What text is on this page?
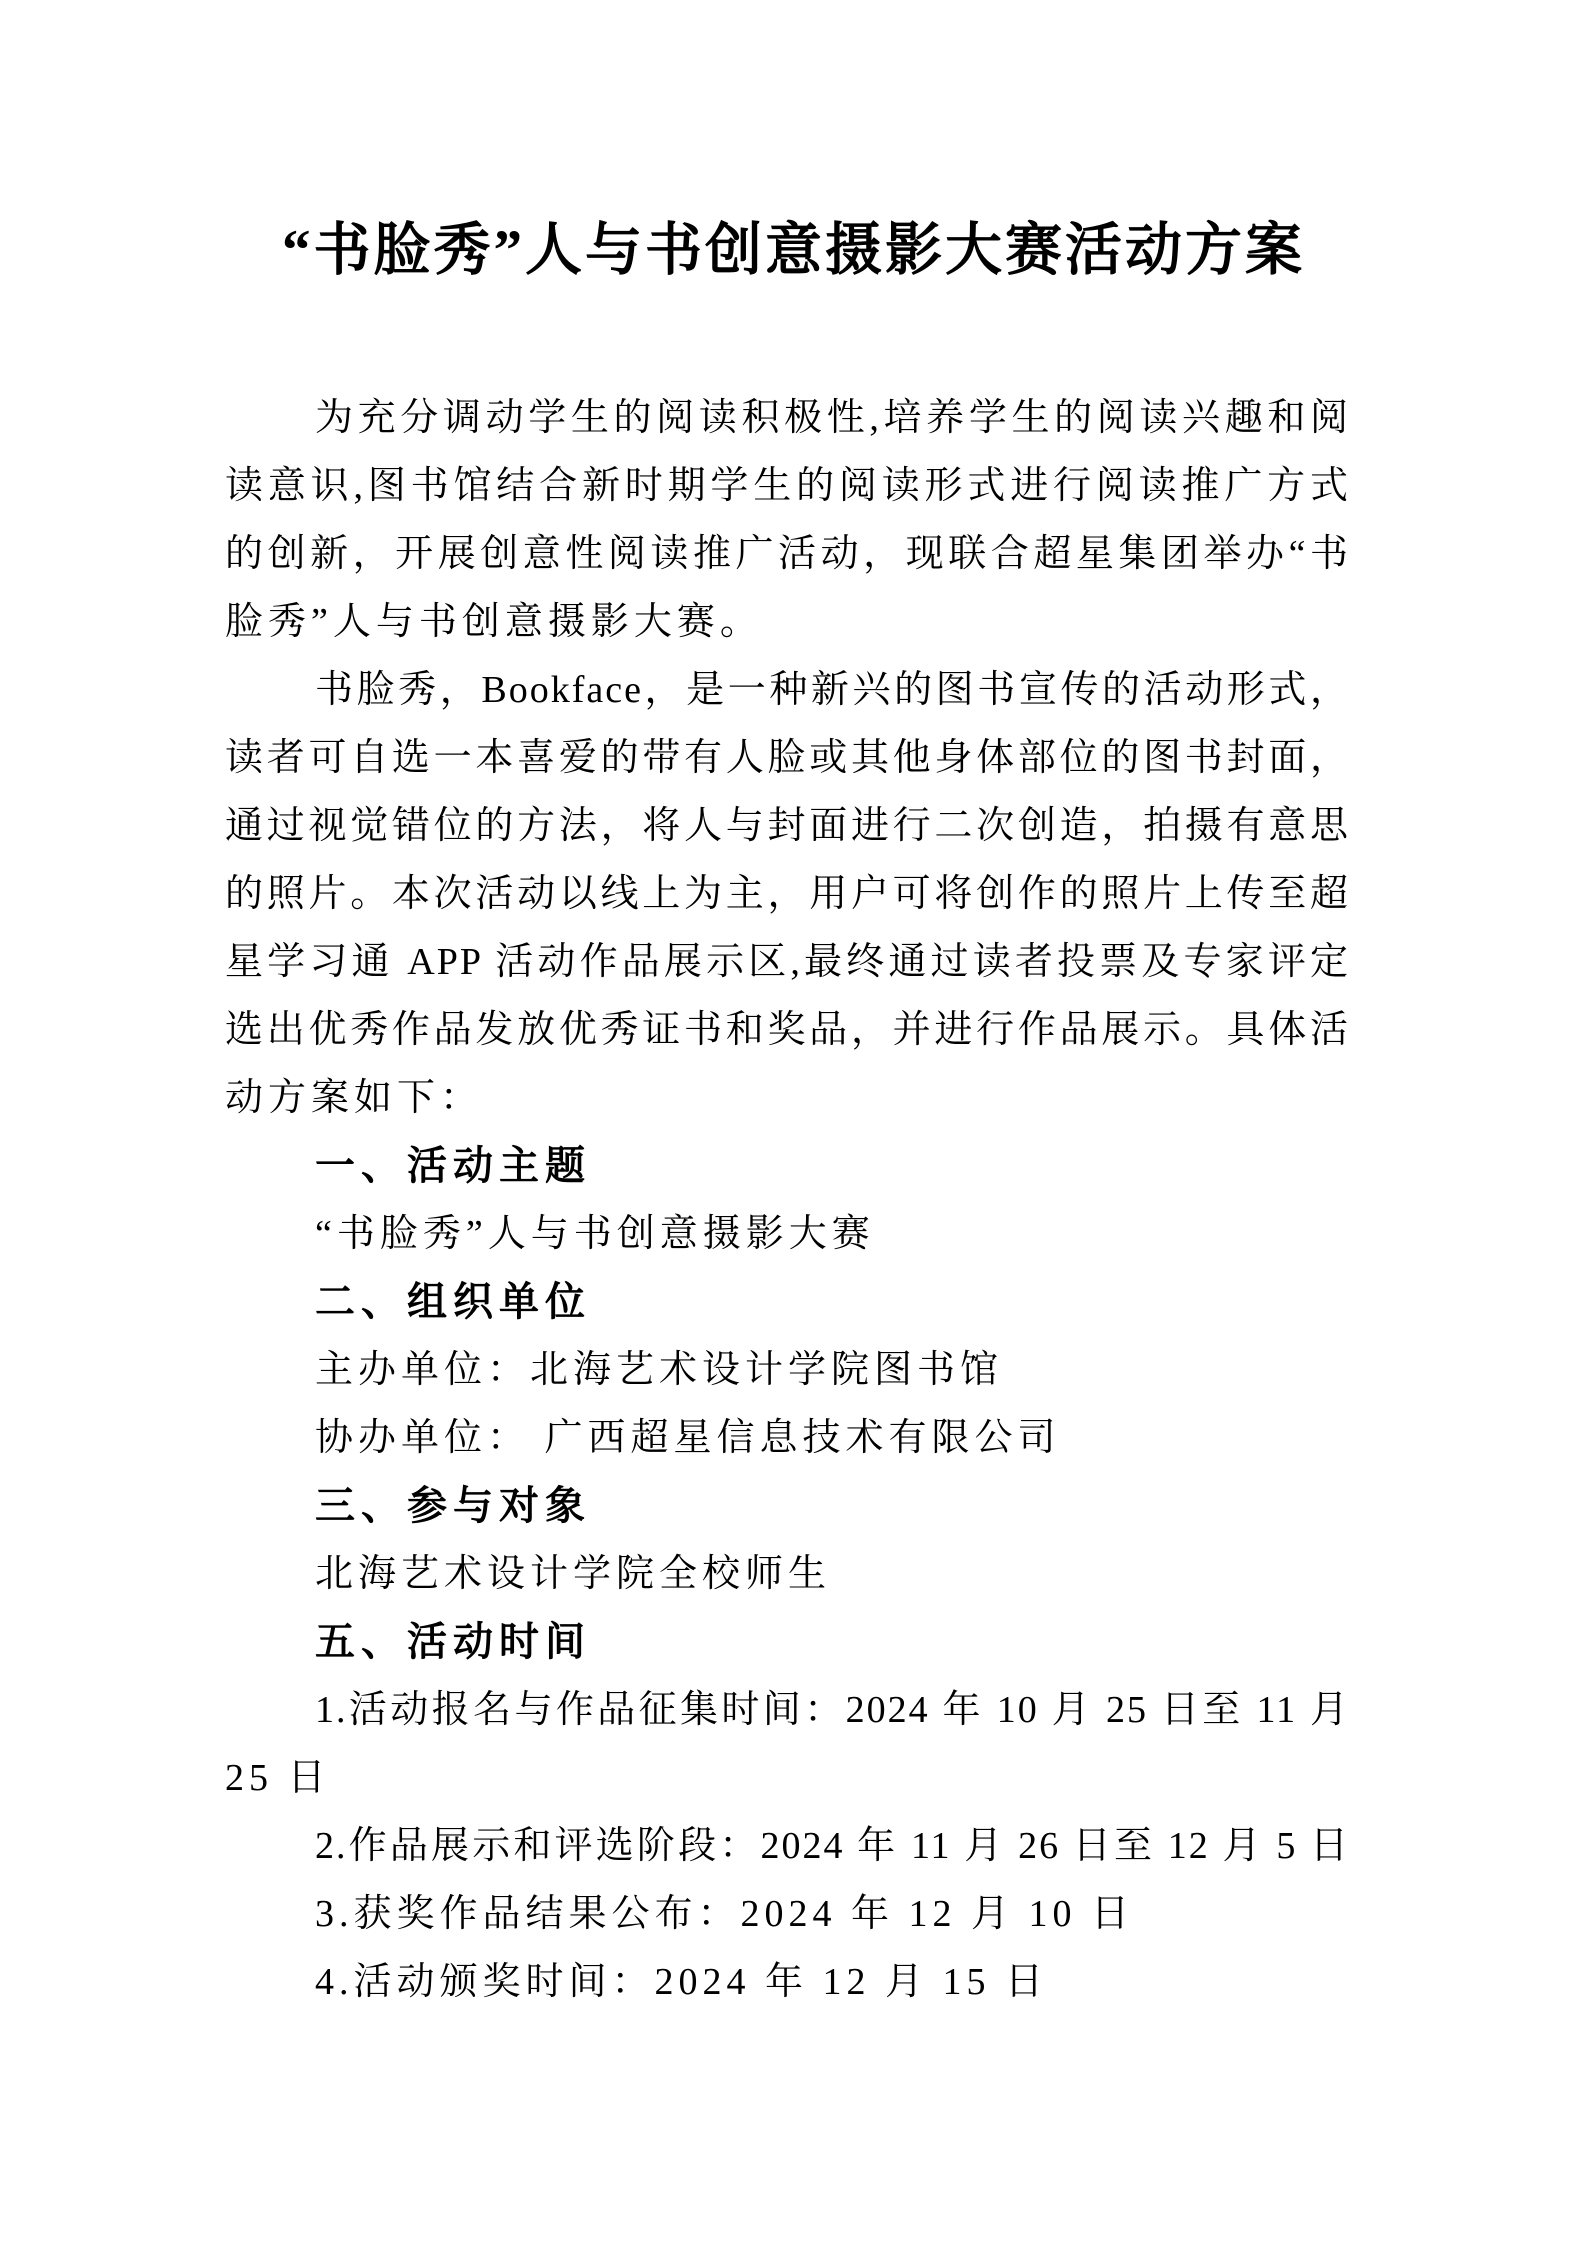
“书脸秀”人与书创意摄影大赛活动方案
为充分调动学生的阅读积极性,培养学生的阅读兴趣和阅
读意识,图书馆结合新时期学生的阅读形式进行阅读推广方式
的创新，开展创意性阅读推广活动，现联合超星集团举办“书
脸秀”人与书创意摄影大赛。
书脸秀，Bookface，是一种新兴的图书宣传的活动形式，
读者可自选一本喜爱的带有人脸或其他身体部位的图书封面，
通过视觉错位的方法，将人与封面进行二次创造，拍摄有意思
的照片。本次活动以线上为主，用户可将创作的照片上传至超
星学习通 APP 活动作品展示区,最终通过读者投票及专家评定
选出优秀作品发放优秀证书和奖品，并进行作品展示。具体活
动方案如下：
一、活动主题
“书脸秀”人与书创意摄影大赛
二、组织单位
主办单位：北海艺术设计学院图书馆
协办单位： 广西超星信息技术有限公司
三、参与对象
北海艺术设计学院全校师生
五、活动时间
1.活动报名与作品征集时间：2024 年 10 月 25 日至 11 月
25 日
2.作品展示和评选阶段：2024 年 11 月 26 日至 12 月 5 日
3.获奖作品结果公布：2024 年 12 月 10 日
4.活动颁奖时间：2024 年 12 月 15 日
